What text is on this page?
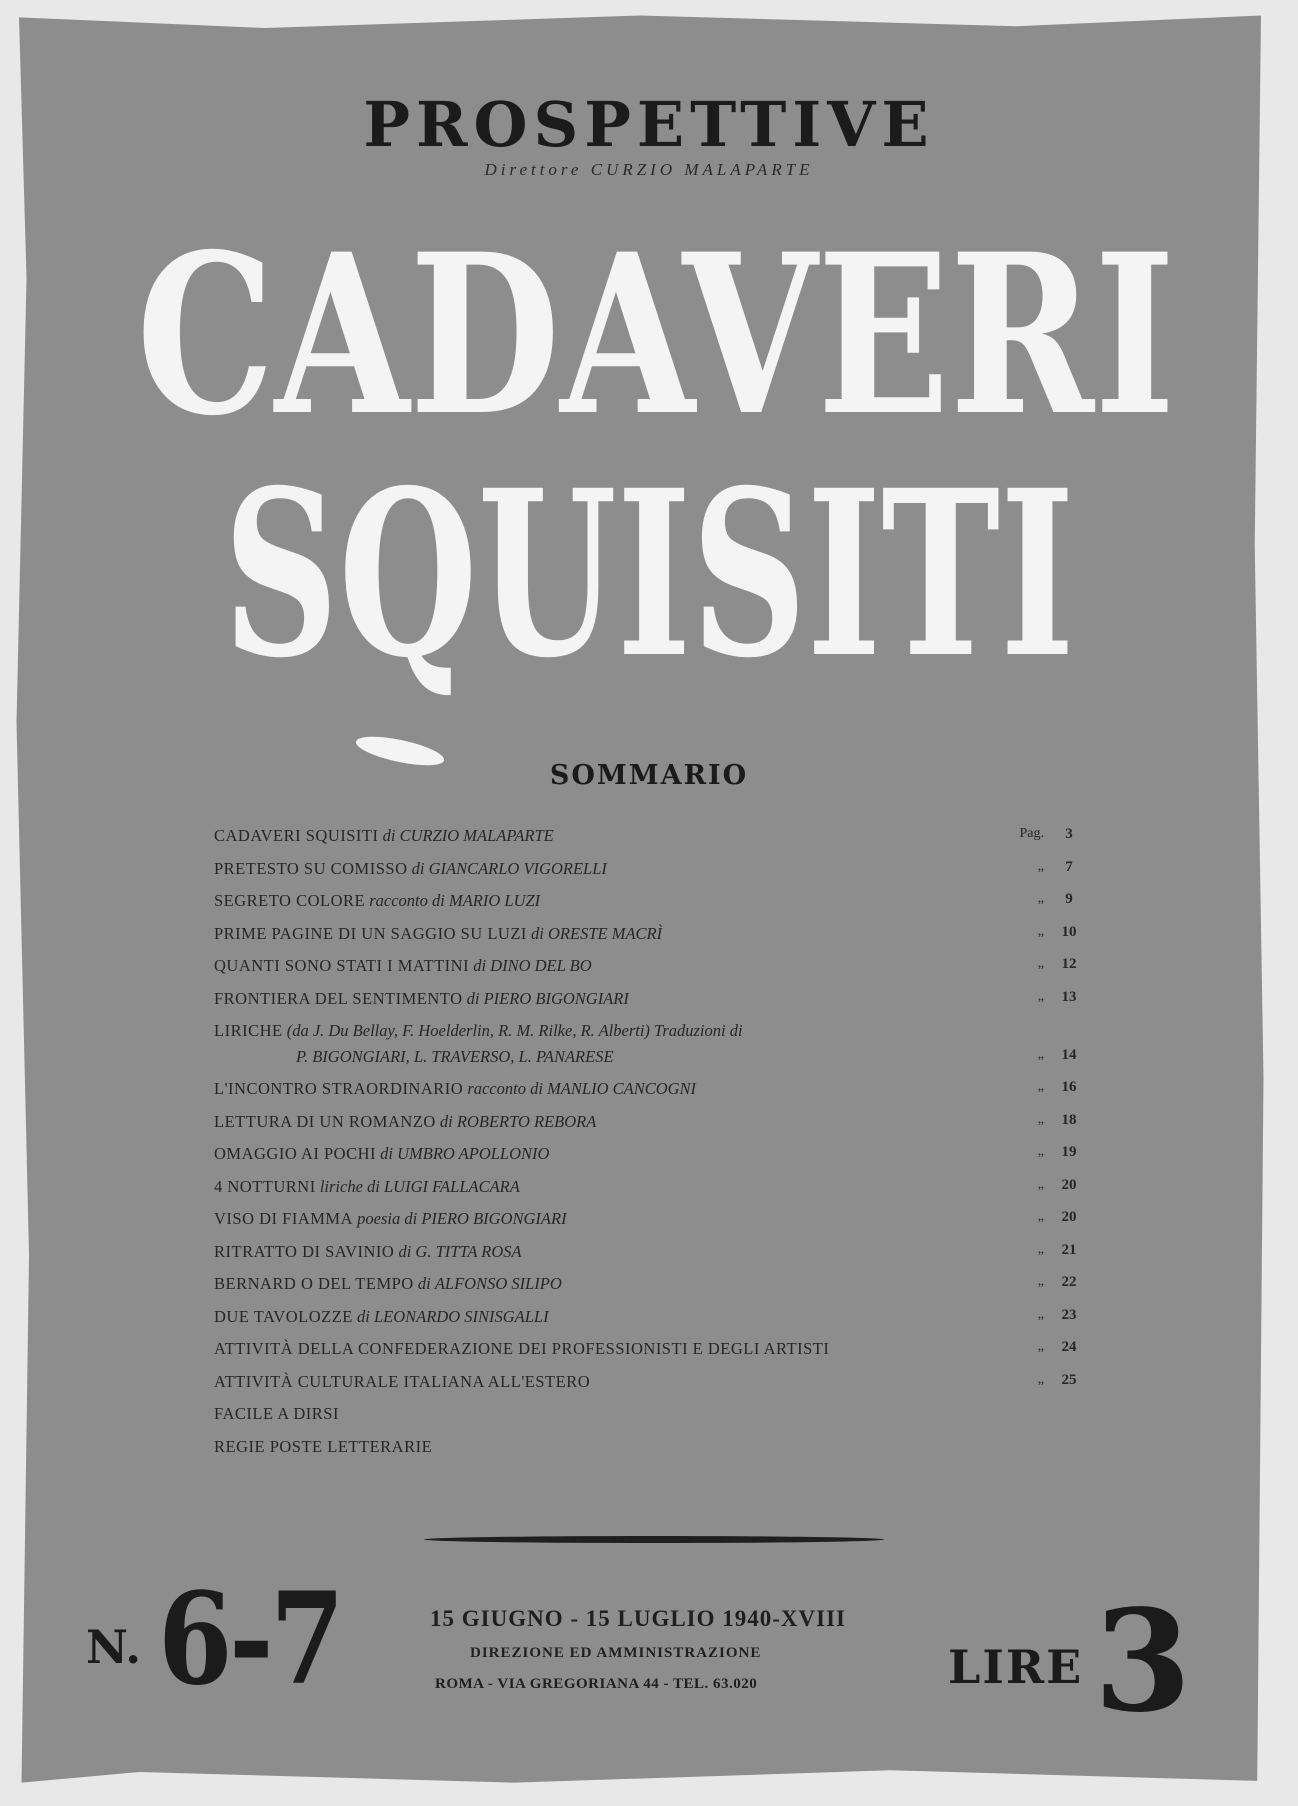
PROSPETTIVE
Direttore CURZIO MALAPARTE
CADAVERI
SQUISITI
SOMMARIO
CADAVERI SQUISITI di CURZIO MALAPARTE	Pag.	3
PRETESTO SU COMISSO di GIANCARLO VIGORELLI	„	7
SEGRETO COLORE racconto di MARIO LUZI	„	9
PRIME PAGINE DI UN SAGGIO SU LUZI di ORESTE MACRÌ	„	10
QUANTI SONO STATI I MATTINI di DINO DEL BO	„	12
FRONTIERA DEL SENTIMENTO di PIERO BIGONGIARI	„	13
LIRICHE (da J. Du Bellay, F. Hoelderlin, R. M. Rilke, R. Alberti) Traduzioni di
P. BIGONGIARI, L. TRAVERSO, L. PANARESE	„	14
L'INCONTRO STRAORDINARIO racconto di MANLIO CANCOGNI	„	16
LETTURA DI UN ROMANZO di ROBERTO REBORA	„	18
OMAGGIO AI POCHI di UMBRO APOLLONIO	„	19
4 NOTTURNI liriche di LUIGI FALLACARA	„	20
VISO DI FIAMMA poesia di PIERO BIGONGIARI	„	20
RITRATTO DI SAVINIO di G. TITTA ROSA	„	21
BERNARD O DEL TEMPO di ALFONSO SILIPO	„	22
DUE TAVOLOZZE di LEONARDO SINISGALLI	„	23
ATTIVITÀ DELLA CONFEDERAZIONE DEI PROFESSIONISTI E DEGLI ARTISTI	„	24
ATTIVITÀ CULTURALE ITALIANA ALL'ESTERO	„	25
FACILE A DIRSI
REGIE POSTE LETTERARIE
N. 6-7	15 GIUGNO - 15 LUGLIO 1940-XVIII
DIREZIONE ED AMMINISTRAZIONE
ROMA - VIA GREGORIANA 44 - TEL. 63.020	LIRE 3
